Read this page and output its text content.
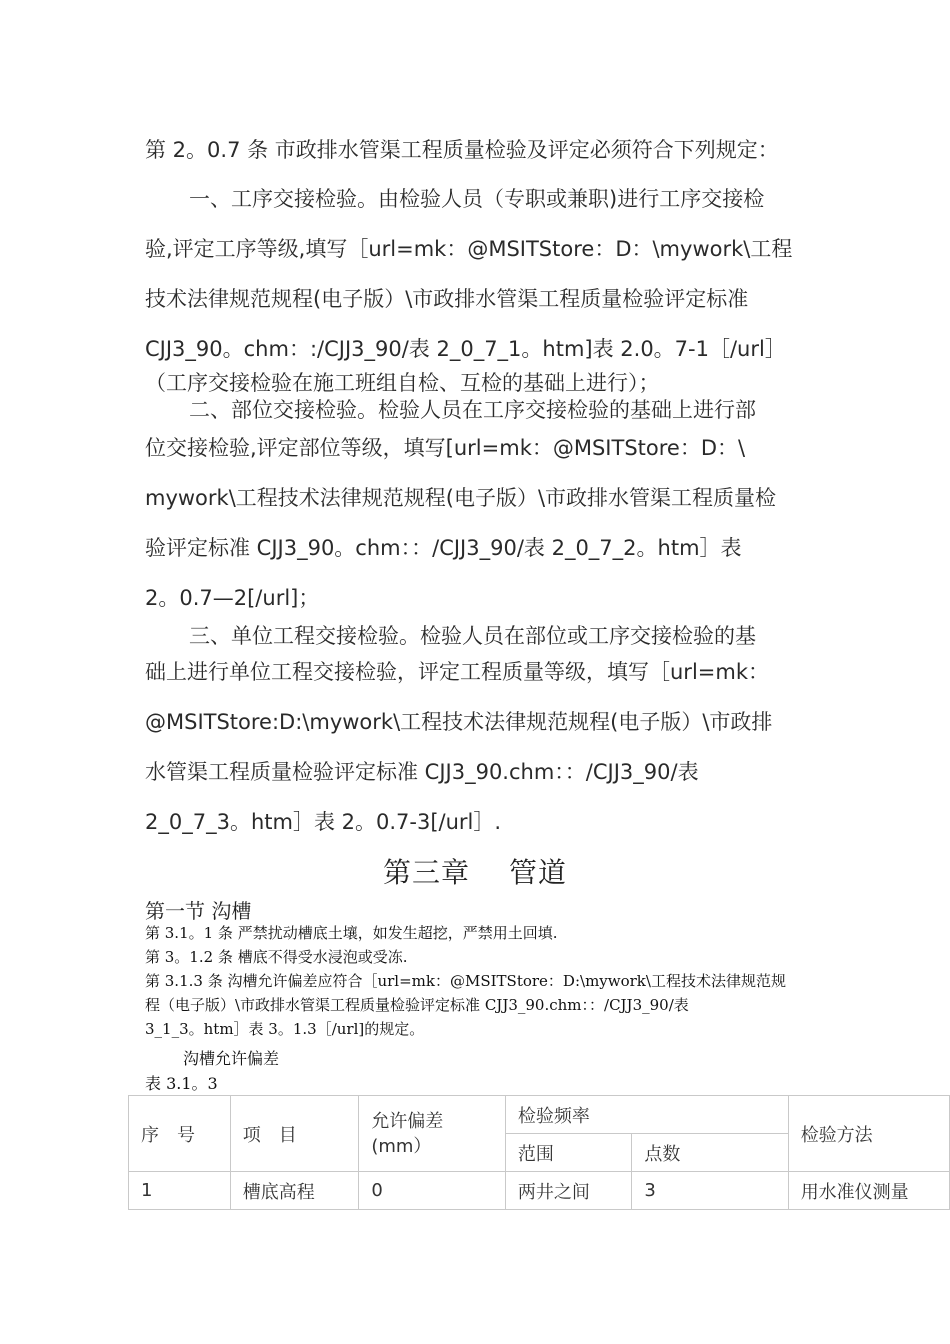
第 2。0.7 条 市政排水管渠工程质量检验及评定必须符合下列规定：

一、工序交接检验。由检验人员（专职或兼职)进行工序交接检
验,评定工序等级,填写［url=mk：@MSITStore：D：\mywork\工程
技术法律规范规程(电子版）\市政排水管渠工程质量检验评定标准
CJJ3_90。chm：:/CJJ3_90/表 2_0_7_1。htm]表 2.0。7-1［/url］
（工序交接检验在施工班组自检、互检的基础上进行）；

二、部位交接检验。检验人员在工序交接检验的基础上进行部
位交接检验,评定部位等级，填写[url=mk：@MSITStore：D：\
mywork\工程技术法律规范规程(电子版）\市政排水管渠工程质量检
验评定标准 CJJ3_90。chm：：/CJJ3_90/表 2_0_7_2。htm］表
2。0.7—2[/url]；

三、单位工程交接检验。检验人员在部位或工序交接检验的基
础上进行单位工程交接检验，评定工程质量等级，填写［url=mk：
@MSITStore:D:\mywork\工程技术法律规范规程(电子版）\市政排
水管渠工程质量检验评定标准 CJJ3_90.chm：：/CJJ3_90/表
2_0_7_3。htm］表 2。0.7-3[/url］.

第三章　 管道
第一节 沟槽

第 3.1。1 条 严禁扰动槽底土壤，如发生超挖，严禁用土回填.
第 3。1.2 条 槽底不得受水浸泡或受冻.
第 3.1.3 条 沟槽允许偏差应符合［url=mk：@MSITStore：D:\mywork\工程技术法律规范规
程（电子版）\市政排水管渠工程质量检验评定标准 CJJ3_90.chm：：/CJJ3_90/表
3_1_3。htm］表 3。1.3［/url]的规定。

沟槽允许偏差
表 3.1。3
序　号	项　目	允许偏差(mm）	检验频率		检验方法
			范围	点数	
1	槽底高程	0	两井之间	3	用水准仪测量
